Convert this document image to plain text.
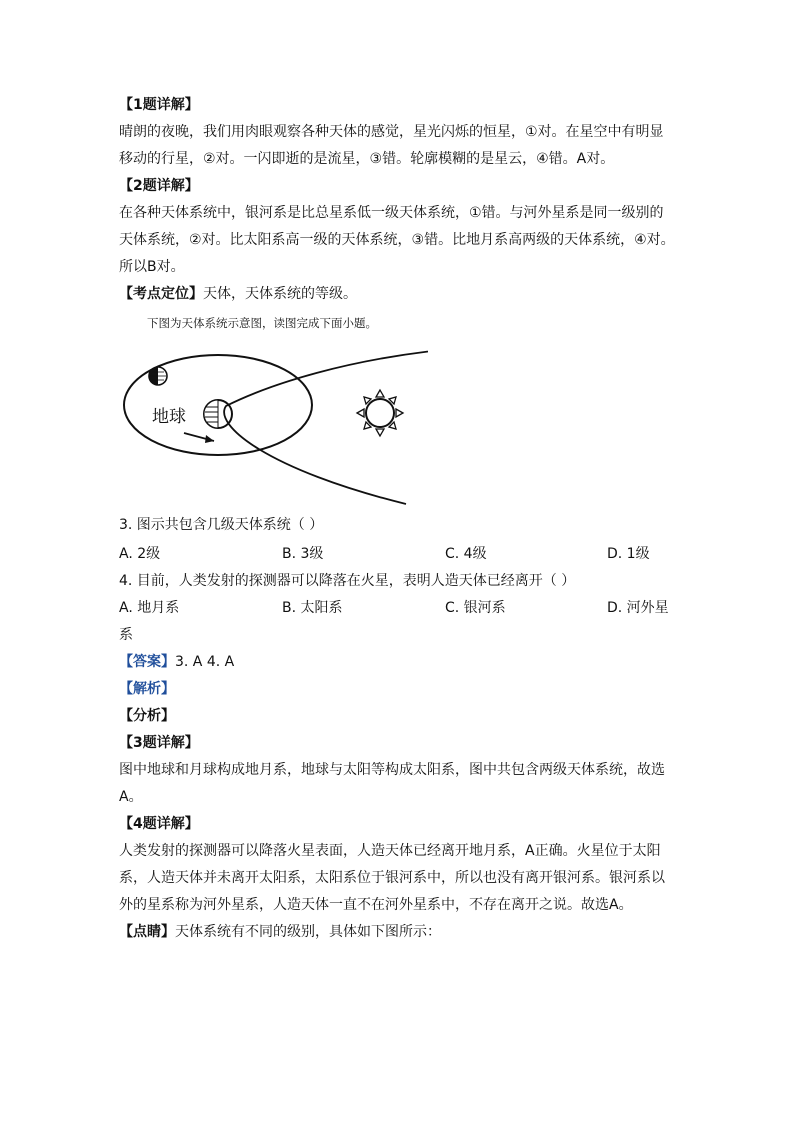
【1题详解】
晴朗的夜晚，我们用肉眼观察各种天体的感觉，星光闪烁的恒星，①对。在星空中有明显
移动的行星，②对。一闪即逝的是流星，③错。轮廓模糊的是星云，④错。A对。
【2题详解】
在各种天体系统中，银河系是比总星系低一级天体系统，①错。与河外星系是同一级别的
天体系统，②对。比太阳系高一级的天体系统，③错。比地月系高两级的天体系统，④对。
所以B对。
【考点定位】天体，天体系统的等级。
下图为天体系统示意图，读图完成下面小题。
地球
3. 图示共包含几级天体系统（ ）
A. 2级	B. 3级	C. 4级	D. 1级
4. 目前，人类发射的探测器可以降落在火星，表明人造天体已经离开（ ）
A. 地月系	B. 太阳系	C. 银河系	D. 河外星
系
【答案】3. A 4. A
【解析】
【分析】
【3题详解】
图中地球和月球构成地月系，地球与太阳等构成太阳系，图中共包含两级天体系统，故选
A。
【4题详解】
人类发射的探测器可以降落火星表面，人造天体已经离开地月系，A正确。火星位于太阳
系，人造天体并未离开太阳系，太阳系位于银河系中，所以也没有离开银河系。银河系以
外的星系称为河外星系，人造天体一直不在河外星系中，不存在离开之说。故选A。
【点睛】天体系统有不同的级别，具体如下图所示：
